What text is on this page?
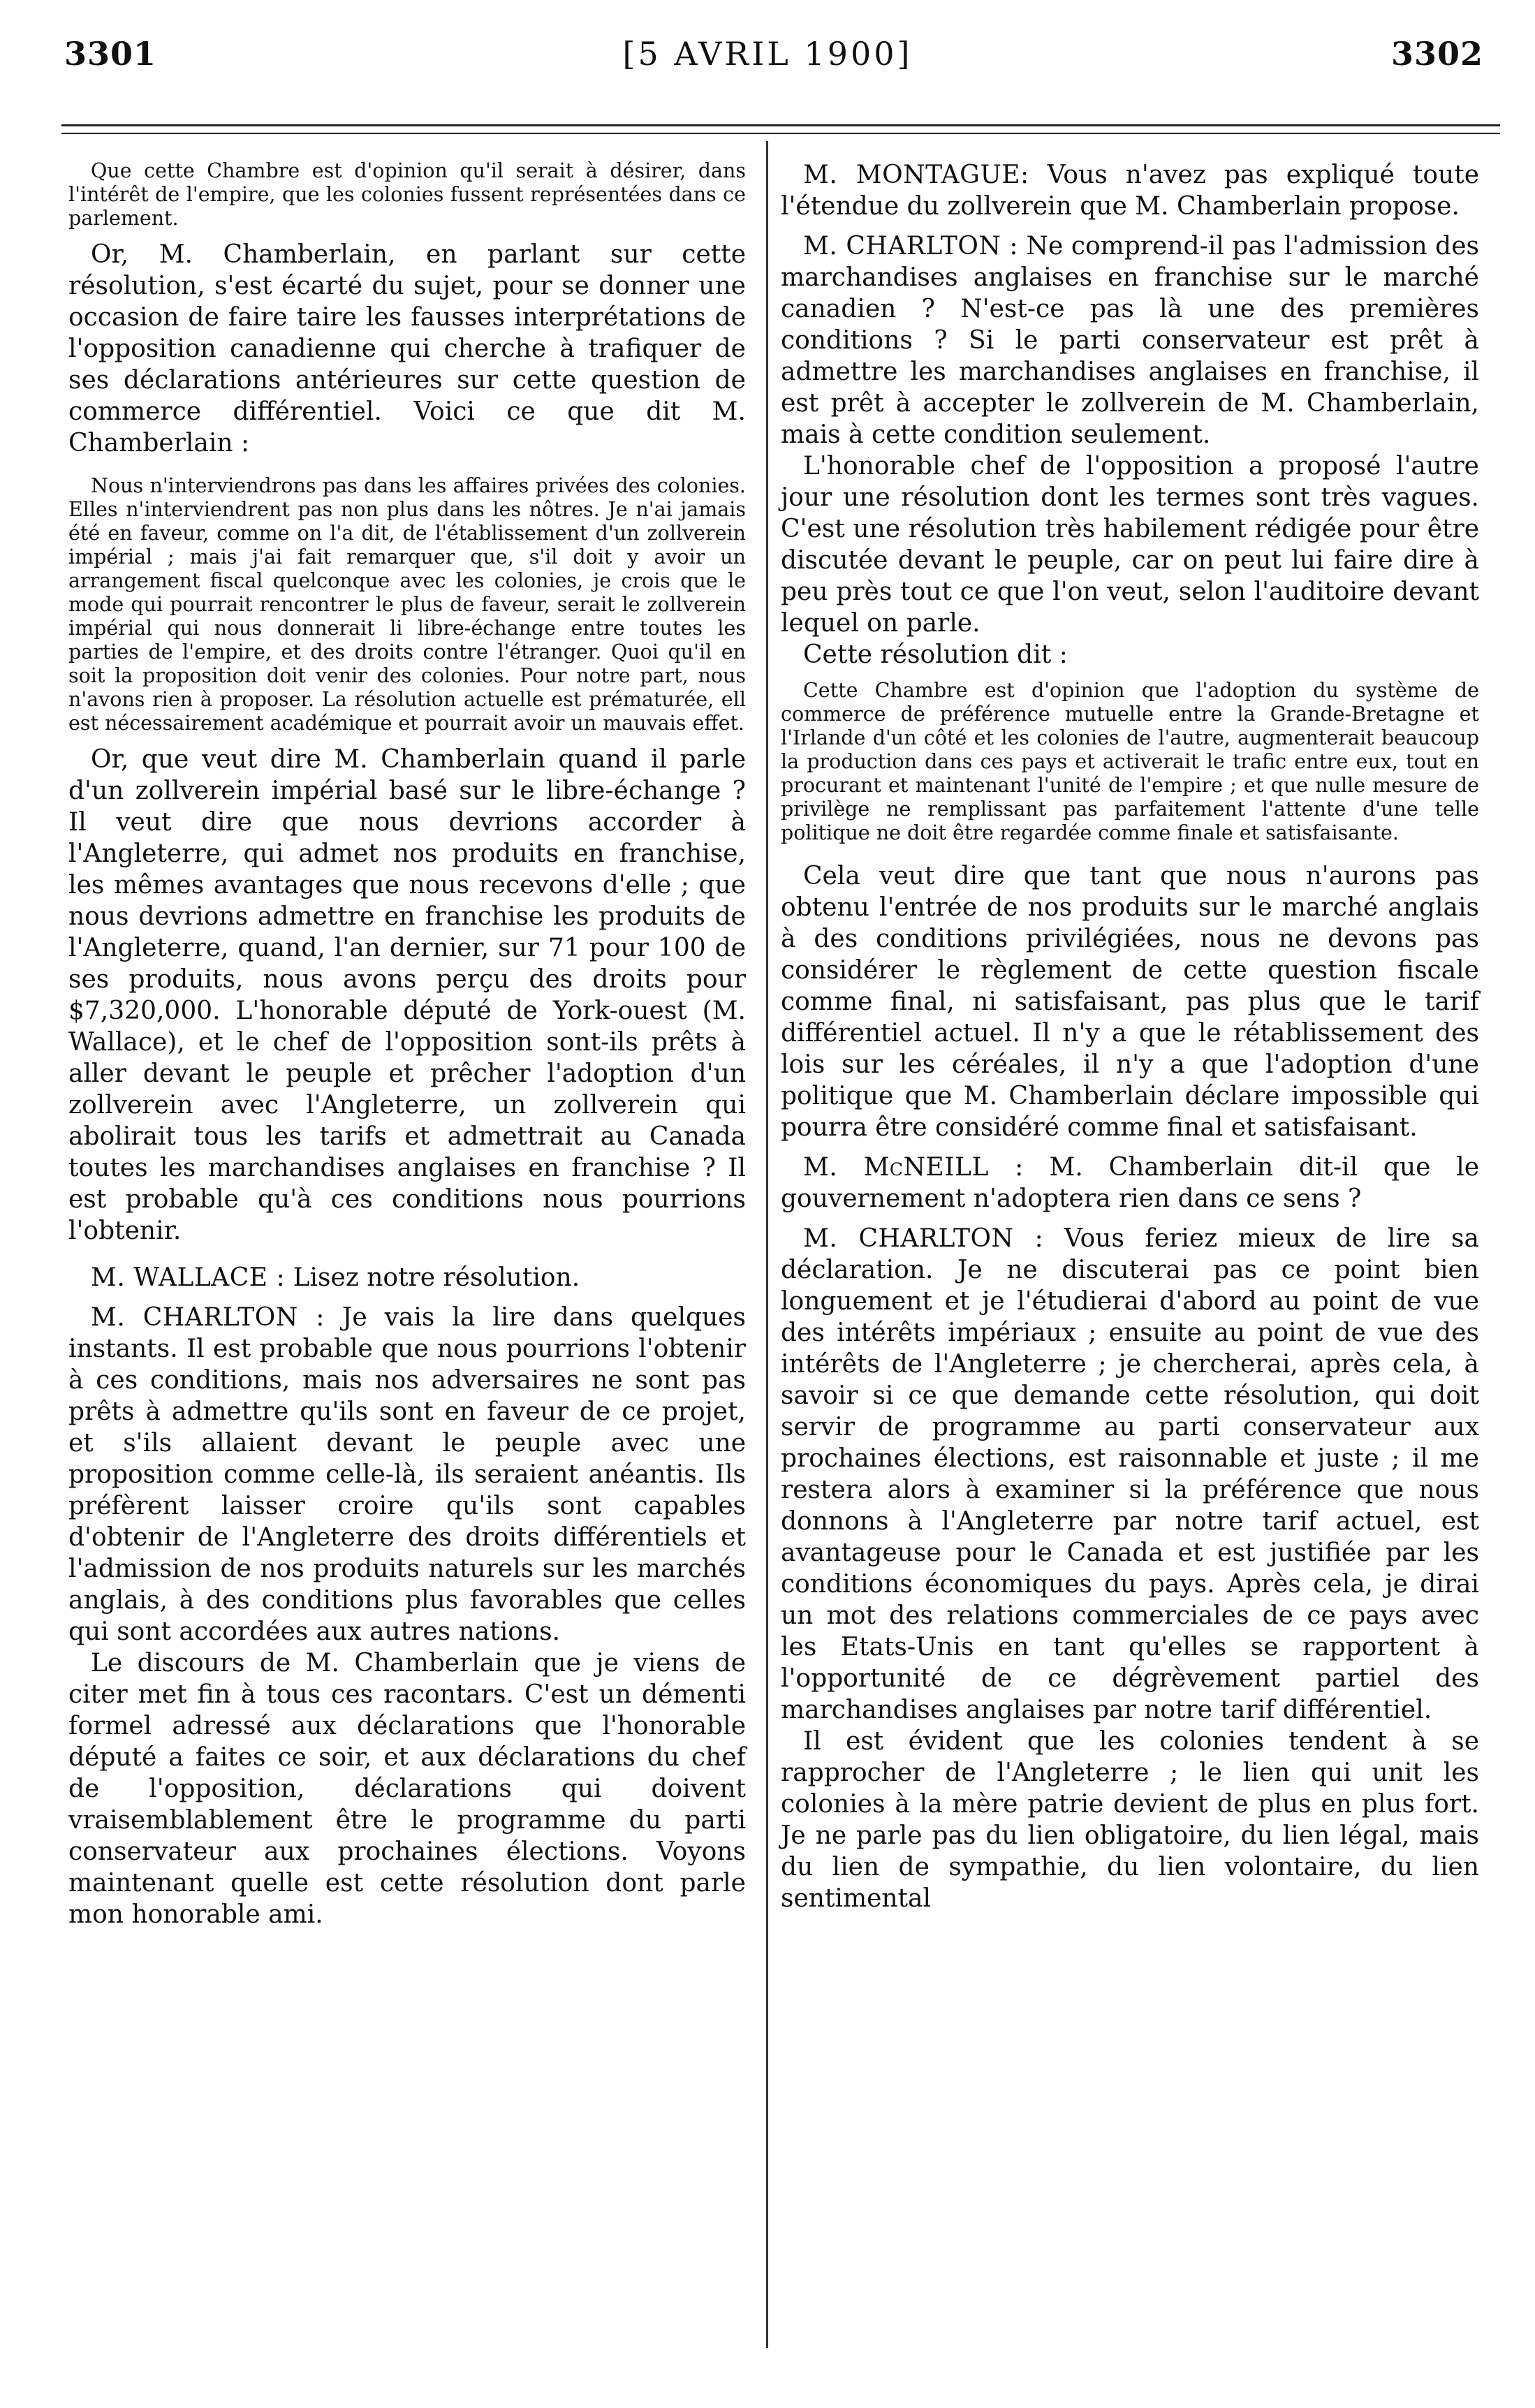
[5 AVRIL 1900]
3301	3302

Que cette Chambre est d'opinion qu'il serait à désirer, dans l'intérêt de l'empire, que les colonies fussent représentées dans ce parlement.

Or, M. Chamberlain, en parlant sur cette résolution, s'est écarté du sujet, pour se donner une occasion de faire taire les fausses interprétations de l'opposition canadienne qui cherche à trafiquer de ses déclarations antérieures sur cette question de commerce différentiel. Voici ce que dit M. Chamberlain :

Nous n'interviendrons pas dans les affaires privées des colonies. Elles n'interviendrent pas non plus dans les nôtres. Je n'ai jamais été en faveur, comme on l'a dit, de l'établissement d'un zollverein impérial ; mais j'ai fait remarquer que, s'il doit y avoir un arrangement fiscal quelconque avec les colonies, je crois que le mode qui pourrait rencontrer le plus de faveur, serait le zollverein impérial qui nous donnerait li libre-échange entre toutes les parties de l'empire, et des droits contre l'étranger. Quoi qu'il en soit la proposition doit venir des colonies. Pour notre part, nous n'avons rien à proposer. La résolution actuelle est prématurée, ell est nécessairement académique et pourrait avoir un mauvais effet.

Or, que veut dire M. Chamberlain quand il parle d'un zollverein impérial basé sur le libre-échange ? Il veut dire que nous devrions accorder à l'Angleterre, qui admet nos produits en franchise, les mêmes avantages que nous recevons d'elle ; que nous devrions admettre en franchise les produits de l'Angleterre, quand, l'an dernier, sur 71 pour 100 de ses produits, nous avons perçu des droits pour $7,320,000. L'honorable député de York-ouest (M. Wallace), et le chef de l'opposition sont-ils prêts à aller devant le peuple et prêcher l'adoption d'un zollverein avec l'Angleterre, un zollverein qui abolirait tous les tarifs et admettrait au Canada toutes les marchandises anglaises en franchise ? Il est probable qu'à ces conditions nous pourrions l'obtenir.

M. WALLACE : Lisez notre résolution.

M. CHARLTON : Je vais la lire dans quelques instants. Il est probable que nous pourrions l'obtenir à ces conditions, mais nos adversaires ne sont pas prêts à admettre qu'ils sont en faveur de ce projet, et s'ils allaient devant le peuple avec une proposition comme celle-là, ils seraient anéantis. Ils préfèrent laisser croire qu'ils sont capables d'obtenir de l'Angleterre des droits différentiels et l'admission de nos produits naturels sur les marchés anglais, à des conditions plus favorables que celles qui sont accordées aux autres nations.

Le discours de M. Chamberlain que je viens de citer met fin à tous ces racontars. C'est un démenti formel adressé aux déclarations que l'honorable député a faites ce soir, et aux déclarations du chef de l'opposition, déclarations qui doivent vraisemblablement être le programme du parti conservateur aux prochaines élections. Voyons maintenant quelle est cette résolution dont parle mon honorable ami.

M. MONTAGUE: Vous n'avez pas expliqué toute l'étendue du zollverein que M. Chamberlain propose.

M. CHARLTON : Ne comprend-il pas l'admission des marchandises anglaises en franchise sur le marché canadien ? N'est-ce pas là une des premières conditions ? Si le parti conservateur est prêt à admettre les marchandises anglaises en franchise, il est prêt à accepter le zollverein de M. Chamberlain, mais à cette condition seulement.

L'honorable chef de l'opposition a proposé l'autre jour une résolution dont les termes sont très vagues. C'est une résolution très habilement rédigée pour être discutée devant le peuple, car on peut lui faire dire à peu près tout ce que l'on veut, selon l'auditoire devant lequel on parle.

Cette résolution dit :

Cette Chambre est d'opinion que l'adoption du système de commerce de préférence mutuelle entre la Grande-Bretagne et l'Irlande d'un côté et les colonies de l'autre, augmenterait beaucoup la production dans ces pays et activerait le trafic entre eux, tout en procurant et maintenant l'unité de l'empire ; et que nulle mesure de privilège ne remplissant pas parfaitement l'attente d'une telle politique ne doit être regardée comme finale et satisfaisante.

Cela veut dire que tant que nous n'aurons pas obtenu l'entrée de nos produits sur le marché anglais à des conditions privilégiées, nous ne devons pas considérer le règlement de cette question fiscale comme final, ni satisfaisant, pas plus que le tarif différentiel actuel. Il n'y a que le rétablissement des lois sur les céréales, il n'y a que l'adoption d'une politique que M. Chamberlain déclare impossible qui pourra être considéré comme final et satisfaisant.

M. McNEILL : M. Chamberlain dit-il que le gouvernement n'adoptera rien dans ce sens ?

M. CHARLTON : Vous feriez mieux de lire sa déclaration. Je ne discuterai pas ce point bien longuement et je l'étudierai d'abord au point de vue des intérêts impériaux ; ensuite au point de vue des intérêts de l'Angleterre ; je chercherai, après cela, à savoir si ce que demande cette résolution, qui doit servir de programme au parti conservateur aux prochaines élections, est raisonnable et juste ; il me restera alors à examiner si la préférence que nous donnons à l'Angleterre par notre tarif actuel, est avantageuse pour le Canada et est justifiée par les conditions économiques du pays. Après cela, je dirai un mot des relations commerciales de ce pays avec les Etats-Unis en tant qu'elles se rapportent à l'opportunité de ce dégrèvement partiel des marchandises anglaises par notre tarif différentiel.

Il est évident que les colonies tendent à se rapprocher de l'Angleterre ; le lien qui unit les colonies à la mère patrie devient de plus en plus fort. Je ne parle pas du lien obligatoire, du lien légal, mais du lien de sympathie, du lien volontaire, du lien sentimental
